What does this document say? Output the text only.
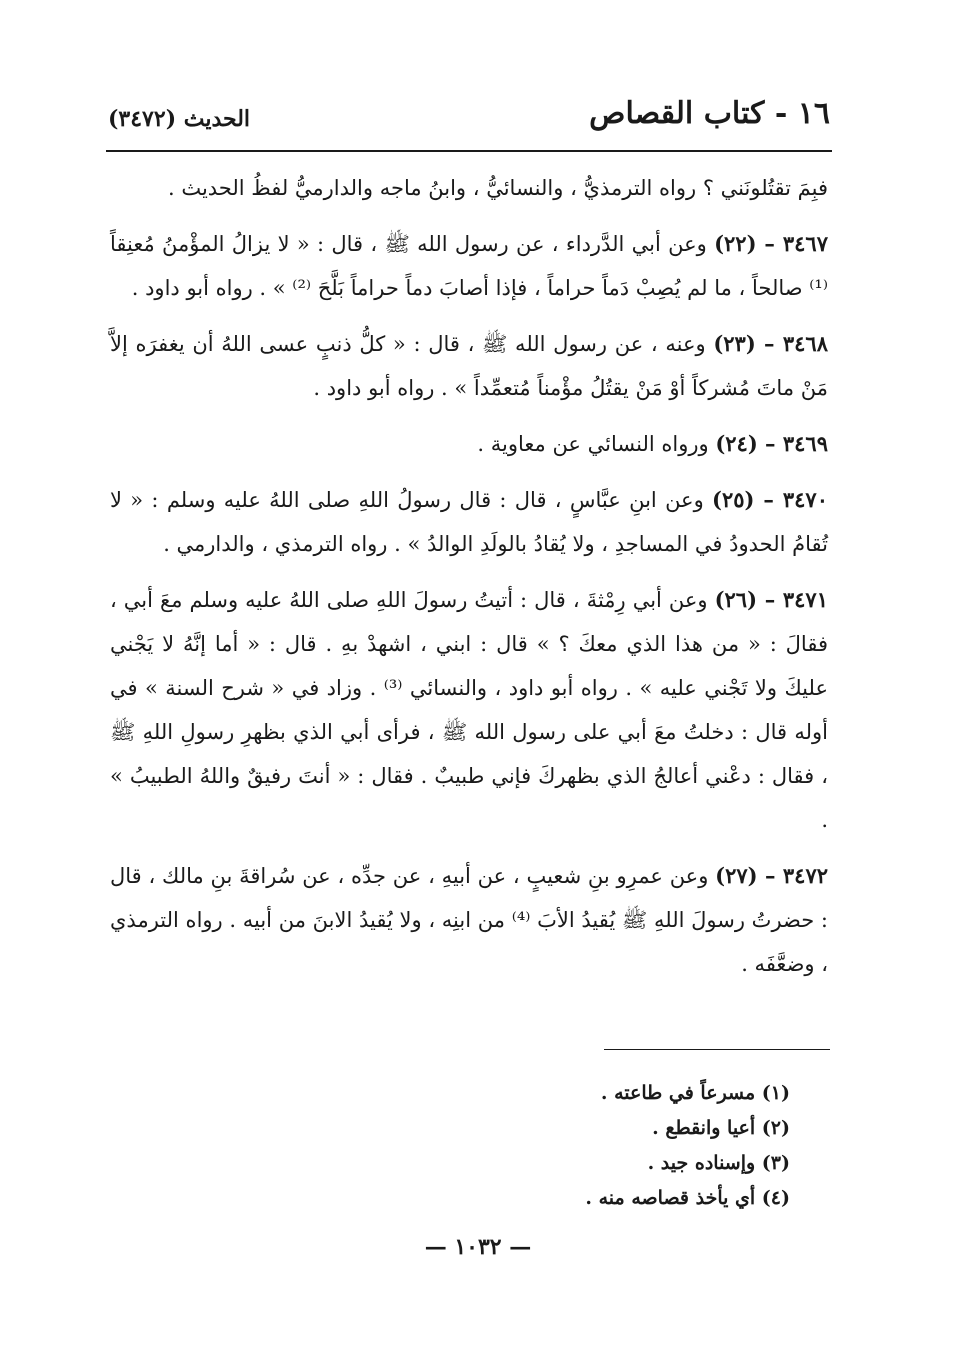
١٦ - كتاب القصاص
الحديث (٣٤٧٢)

فبِمَ تقتُلونَني ؟ رواه الترمذيُّ ، والنسائيُّ ، وابنُ ماجه والدارميُّ لفظُ الحديث .

٣٤٦٧ – (٢٢) وعن أبي الدَّرداء ، عن رسول الله ﷺ ، قال : « لا يزالُ المؤْمنُ مُعنِقاً ⁽¹⁾ صالحاً ، ما لم يُصِبْ دَماً حراماً ، فإذا أصابَ دماً حراماً بَلَّحَ ⁽²⁾ » . رواه أبو داود .

٣٤٦٨ – (٢٣) وعنه ، عن رسول الله ﷺ ، قال : « كلُّ ذنبٍ عسى اللهُ أن يغفرَه إلاَّ مَنْ ماتَ مُشركاً أوْ مَنْ يقتُلُ مؤْمناً مُتعمِّداً » . رواه أبو داود .

٣٤٦٩ – (٢٤) ورواه النسائي عن معاوية .

٣٤٧٠ – (٢٥) وعن ابنِ عبَّاسٍ ، قال : قال رسولُ اللهِ صلى اللهُ عليه وسلم : « لا تُقامُ الحدودُ في المساجدِ ، ولا يُقادُ بالولَدِ الوالدُ » . رواه الترمذي ، والدارمي .

٣٤٧١ – (٢٦) وعن أبي رِمْثةَ ، قال : أتيتُ رسولَ اللهِ صلى اللهُ عليه وسلم معَ أبي ، فقالَ : « من هذا الذي معكَ ؟ » قال : ابني ، اشهدْ بهِ . قال : « أما إنَّهُ لا يَجْني عليكَ ولا تَجْني عليه » . رواه أبو داود ، والنسائي ⁽³⁾ . وزاد في « شرح السنة » في أوله قال : دخلتُ معَ أبي على رسول الله ﷺ ، فرأى أبي الذي بظهرِ رسولِ اللهِ ﷺ ، فقال : دعْني أعالجُ الذي بظهركَ فإني طبيبٌ . فقال : « أنتَ رفيقٌ واللهُ الطبيبُ » .

٣٤٧٢ – (٢٧) وعن عمرِو بنِ شعيبٍ ، عن أبيهِ ، عن جدِّه ، عن سُراقةَ بنِ مالك ، قال : حضرتُ رسولَ اللهِ ﷺ يُقيدُ الأبَ ⁽⁴⁾ من ابنِه ، ولا يُقيدُ الابنَ من أبيه . رواه الترمذي ، وضعَّفَه .

(١) مسرعاً في طاعته .
(٢) أعيا وانقطع .
(٣) وإسناده جيد .
(٤) أي يأخذ قصاصه منه .
— ١٠٣٢ —
